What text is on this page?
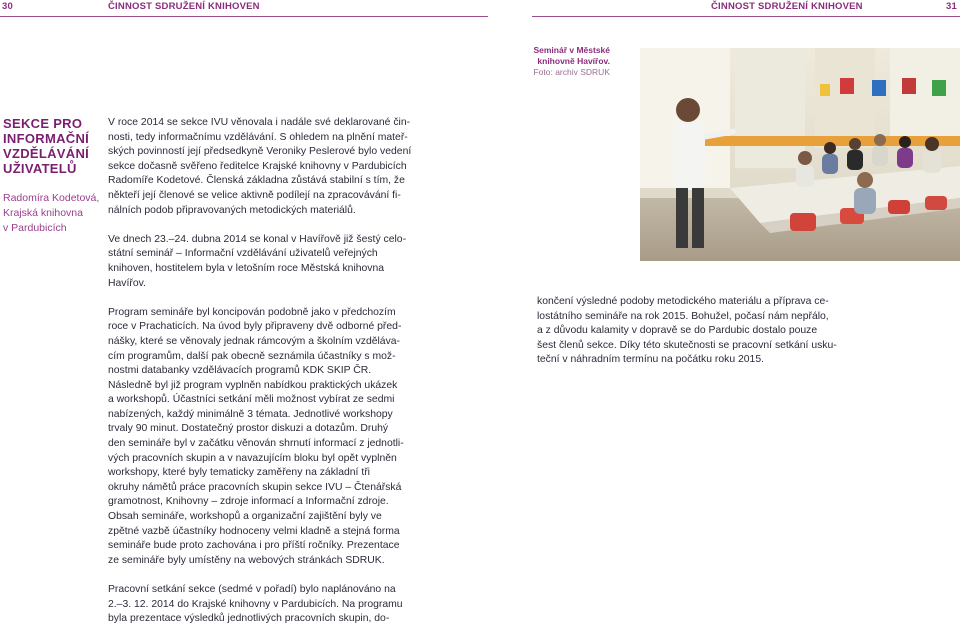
30	ČINNOST SDRUŽENÍ KNIHOVEN	ČINNOST SDRUŽENÍ KNIHOVEN	31
Seminář v Městské
knihovně Havířov.
Foto: archiv SDRUK
SEKCE PRO
INFORMAČNÍ
VZDĚLÁVÁNÍ
UŽIVATELŮ
Radomíra Kodetová,
Krajská knihovna
v Pardubicích

V roce 2014 se sekce IVU věnovala i nadále své deklarované čin-
nosti, tedy informačnímu vzdělávání. S ohledem na plnění mateř-
ských povinností její předsedkyně Veroniky Peslerové bylo vedení
sekce dočasně svěřeno ředitelce Krajské knihovny v Pardubicích
Radomíře Kodetové. Členská základna zůstává stabilní s tím, že
někteří její členové se velice aktivně podílejí na zpracovávání fi-
nálních podob připravovaných metodických materiálů.

Ve dnech 23.–24. dubna 2014 se konal v Havířově již šestý celo-
státní seminář – Informační vzdělávání uživatelů veřejných
knihoven, hostitelem byla v letošním roce Městská knihovna
Havířov.

Program semináře byl koncipován podobně jako v předchozím
roce v Prachaticích. Na úvod byly připraveny dvě odborné před-
nášky, které se věnovaly jednak rámcovým a školním vzděláva-
cím programům, další pak obecně seznámila účastníky s mož-
nostmi databanky vzdělávacích programů KDK SKIP ČR.
Následně byl již program vyplněn nabídkou praktických ukázek
a workshopů. Účastníci setkání měli možnost vybírat ze sedmi
nabízených, každý minimálně 3 témata. Jednotlivé workshopy
trvaly 90 minut. Dostatečný prostor diskuzi a dotazům. Druhý
den semináře byl v začátku věnován shrnutí informací z jednotli-
vých pracovních skupin a v navazujícím bloku byl opět vyplněn
workshopy, které byly tematicky zaměřeny na základní tři
okruhy námětů práce pracovních skupin sekce IVU – Čtenářská
gramotnost, Knihovny – zdroje informací a Informační zdroje.
Obsah semináře, workshopů a organizační zajištění byly ve
zpětné vazbě účastníky hodnoceny velmi kladně a stejná forma
semináře bude proto zachována i pro příští ročníky. Prezentace
ze semináře byly umístěny na webových stránkách SDRUK.

Pracovní setkání sekce (sedmé v pořadí) bylo naplánováno na
2.–3. 12. 2014 do Krajské knihovny v Pardubicích. Na programu
byla prezentace výsledků jednotlivých pracovních skupin, do-

končení výsledné podoby metodického materiálu a příprava ce-
lostátního semináře na rok 2015. Bohužel, počasí nám nepřálo,
a z důvodu kalamity v dopravě se do Pardubic dostalo pouze
šest členů sekce. Díky této skutečnosti se pracovní setkání usku-
teční v náhradním termínu na počátku roku 2015.
